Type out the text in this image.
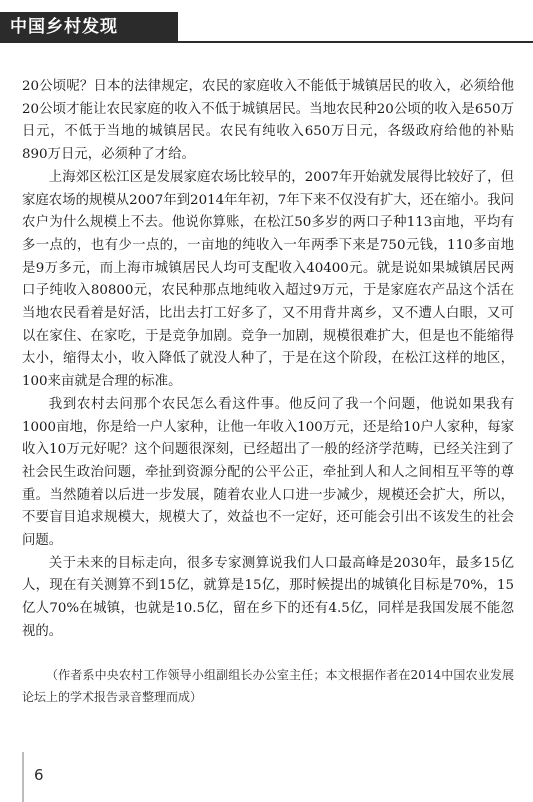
中国乡村发现

20公顷呢？日本的法律规定，农民的家庭收入不能低于城镇居民的收入，必须给他20公顷才能让农民家庭的收入不低于城镇居民。当地农民种20公顷的收入是650万日元，不低于当地的城镇居民。农民有纯收入650万日元，各级政府给他的补贴890万日元，必须种了才给。

上海郊区松江区是发展家庭农场比较早的，2007年开始就发展得比较好了，但家庭农场的规模从2007年到2014年年初，7年下来不仅没有扩大，还在缩小。我问农户为什么规模上不去。他说你算账，在松江50多岁的两口子种113亩地，平均有多一点的，也有少一点的，一亩地的纯收入一年两季下来是750元钱，110多亩地是9万多元，而上海市城镇居民人均可支配收入40400元。就是说如果城镇居民两口子纯收入80800元，农民种那点地纯收入超过9万元，于是家庭农产品这个活在当地农民看着是好活，比出去打工好多了，又不用背井离乡，又不遭人白眼，又可以在家住、在家吃，于是竞争加剧。竞争一加剧，规模很难扩大，但是也不能缩得太小，缩得太小，收入降低了就没人种了，于是在这个阶段，在松江这样的地区，100来亩就是合理的标准。

我到农村去问那个农民怎么看这件事。他反问了我一个问题，他说如果我有1000亩地，你是给一户人家种，让他一年收入100万元，还是给10户人家种，每家收入10万元好呢？这个问题很深刻，已经超出了一般的经济学范畴，已经关注到了社会民生政治问题，牵扯到资源分配的公平公正，牵扯到人和人之间相互平等的尊重。当然随着以后进一步发展，随着农业人口进一步减少，规模还会扩大，所以，不要盲目追求规模大，规模大了，效益也不一定好，还可能会引出不该发生的社会问题。

关于未来的目标走向，很多专家测算说我们人口最高峰是2030年，最多15亿人，现在有关测算不到15亿，就算是15亿，那时候提出的城镇化目标是70%，15亿人70%在城镇，也就是10.5亿，留在乡下的还有4.5亿，同样是我国发展不能忽视的。

（作者系中央农村工作领导小组副组长办公室主任；本文根据作者在2014中国农业发展论坛上的学术报告录音整理而成）

6
